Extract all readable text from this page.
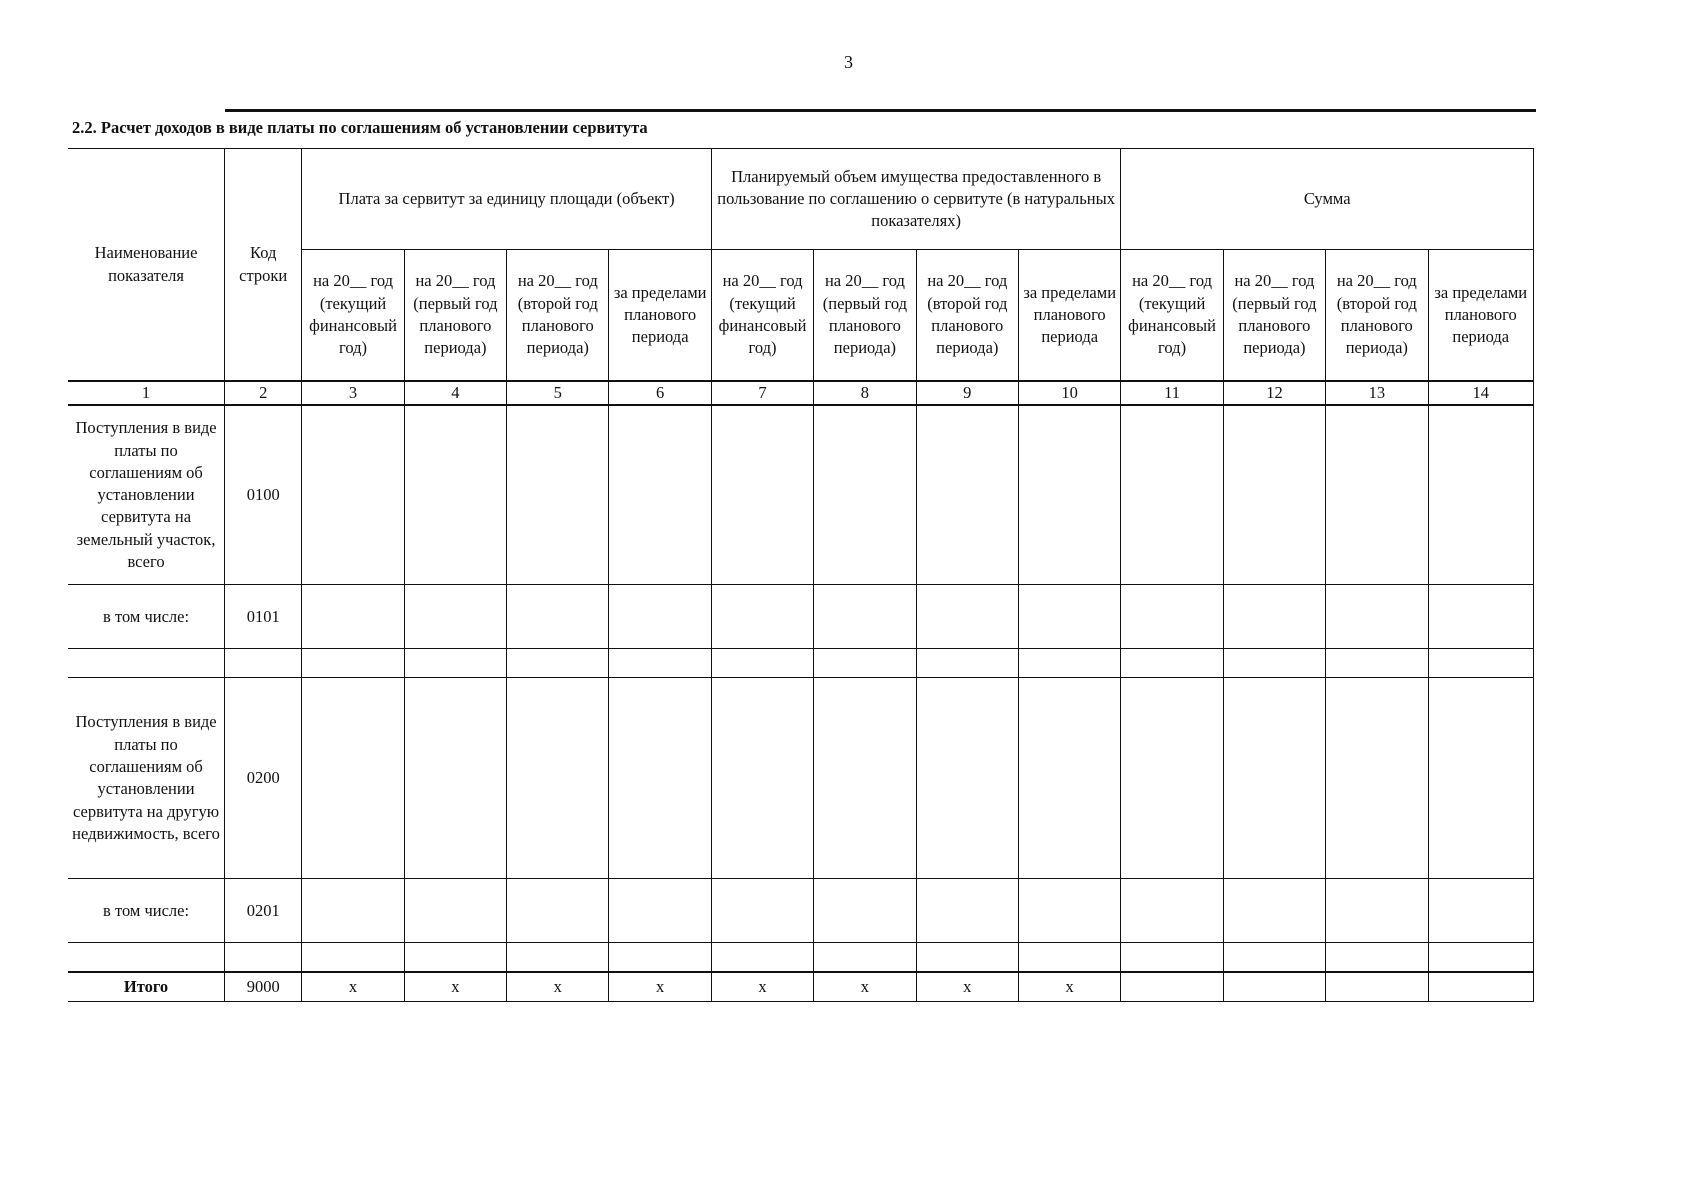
3
2.2. Расчет доходов в виде платы по соглашениям об установлении сервитута
Наименование показателя	Код строки	Плата за сервитут за единицу площади (объект)				Планируемый объем имущества предоставленного в пользование по соглашению о сервитуте (в натуральных показателях)				Сумма			
		на 20__ год (текущий финансовый год)	на 20__ год (первый год планового периода)	на 20__ год (второй год планового периода)	за пределами планового периода	на 20__ год (текущий финансовый год)	на 20__ год (первый год планового периода)	на 20__ год (второй год планового периода)	за пределами планового периода	на 20__ год (текущий финансовый год)	на 20__ год (первый год планового периода)	на 20__ год (второй год планового периода)	за пределами планового периода
1	2	3	4	5	6	7	8	9	10	11	12	13	14
Поступления в виде платы по соглашениям об установлении сервитута на земельный участок, всего	0100												
в том числе:	0101												

Поступления в виде платы по соглашениям об установлении сервитута на другую недвижимость, всего	0200												
в том числе:	0201												

Итого	9000	x	x	x	x	x	x	x	x				
